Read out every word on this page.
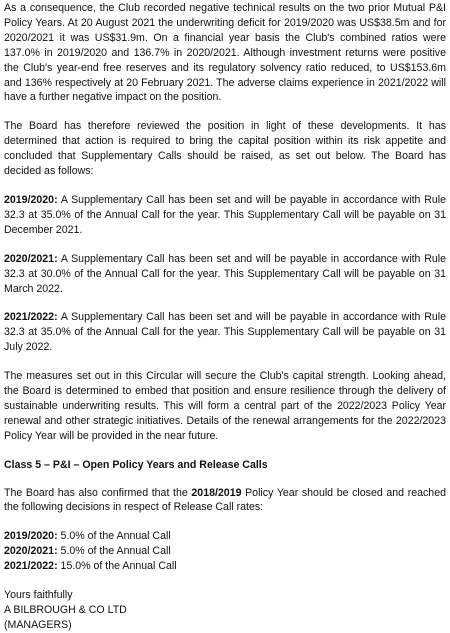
As a consequence, the Club recorded negative technical results on the two prior Mutual P&I Policy Years. At 20 August 2021 the underwriting deficit for 2019/2020 was US$38.5m and for 2020/2021 it was US$31.9m. On a financial year basis the Club's combined ratios were 137.0% in 2019/2020 and 136.7% in 2020/2021. Although investment returns were positive the Club's year-end free reserves and its regulatory solvency ratio reduced, to US$153.6m and 136% respectively at 20 February 2021. The adverse claims experience in 2021/2022 will have a further negative impact on the position.

The Board has therefore reviewed the position in light of these developments. It has determined that action is required to bring the capital position within its risk appetite and concluded that Supplementary Calls should be raised, as set out below. The Board has decided as follows:

2019/2020: A Supplementary Call has been set and will be payable in accordance with Rule 32.3 at 35.0% of the Annual Call for the year. This Supplementary Call will be payable on 31 December 2021.

2020/2021: A Supplementary Call has been set and will be payable in accordance with Rule 32.3 at 30.0% of the Annual Call for the year. This Supplementary Call will be payable on 31 March 2022.

2021/2022: A Supplementary Call has been set and will be payable in accordance with Rule 32.3 at 35.0% of the Annual Call for the year. This Supplementary Call will be payable on 31 July 2022.

The measures set out in this Circular will secure the Club's capital strength. Looking ahead, the Board is determined to embed that position and ensure resilience through the delivery of sustainable underwriting results. This will form a central part of the 2022/2023 Policy Year renewal and other strategic initiatives. Details of the renewal arrangements for the 2022/2023 Policy Year will be provided in the near future.

Class 5 – P&I – Open Policy Years and Release Calls

The Board has also confirmed that the 2018/2019 Policy Year should be closed and reached the following decisions in respect of Release Call rates:

2019/2020: 5.0% of the Annual Call
2020/2021: 5.0% of the Annual Call
2021/2022: 15.0% of the Annual Call
Yours faithfully
A BILBROUGH & CO LTD
(MANAGERS)
